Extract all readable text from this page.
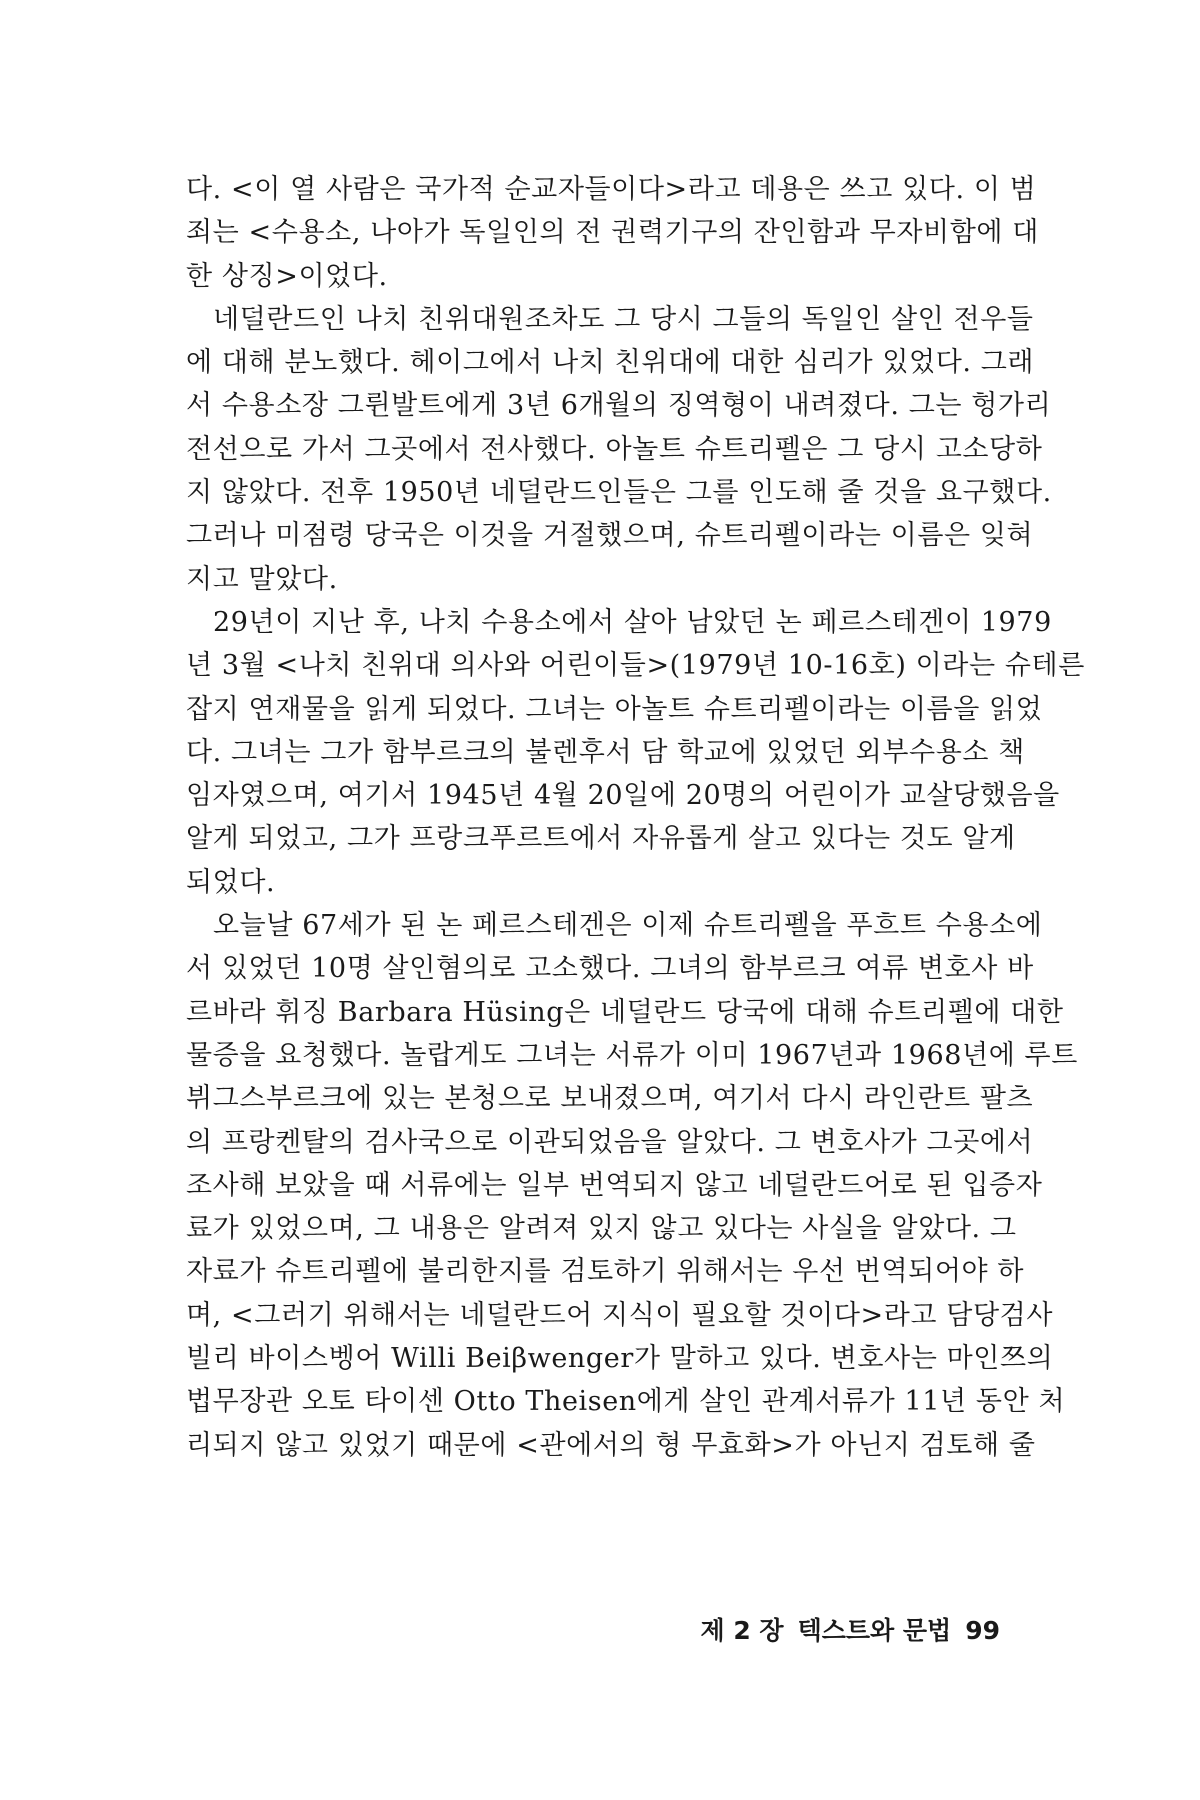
다. <이 열 사람은 국가적 순교자들이다>라고 데용은 쓰고 있다. 이 범
죄는 <수용소, 나아가 독일인의 전 권력기구의 잔인함과 무자비함에 대
한 상징>이었다.
네덜란드인 나치 친위대원조차도 그 당시 그들의 독일인 살인 전우들
에 대해 분노했다. 헤이그에서 나치 친위대에 대한 심리가 있었다. 그래
서 수용소장 그륀발트에게 3년 6개월의 징역형이 내려졌다. 그는 헝가리
전선으로 가서 그곳에서 전사했다. 아놀트 슈트리펠은 그 당시 고소당하
지 않았다. 전후 1950년 네덜란드인들은 그를 인도해 줄 것을 요구했다.
그러나 미점령 당국은 이것을 거절했으며, 슈트리펠이라는 이름은 잊혀
지고 말았다.
29년이 지난 후, 나치 수용소에서 살아 남았던 논 페르스테겐이 1979
년 3월 <나치 친위대 의사와 어린이들>(1979년 10-16호) 이라는 슈테른
잡지 연재물을 읽게 되었다. 그녀는 아놀트 슈트리펠이라는 이름을 읽었
다. 그녀는 그가 함부르크의 불렌후서 담 학교에 있었던 외부수용소 책
임자였으며, 여기서 1945년 4월 20일에 20명의 어린이가 교살당했음을
알게 되었고, 그가 프랑크푸르트에서 자유롭게 살고 있다는 것도 알게
되었다.
오늘날 67세가 된 논 페르스테겐은 이제 슈트리펠을 푸흐트 수용소에
서 있었던 10명 살인혐의로 고소했다. 그녀의 함부르크 여류 변호사 바
르바라 휘징 Barbara Hüsing은 네덜란드 당국에 대해 슈트리펠에 대한
물증을 요청했다. 놀랍게도 그녀는 서류가 이미 1967년과 1968년에 루트
뷔그스부르크에 있는 본청으로 보내졌으며, 여기서 다시 라인란트 팔츠
의 프랑켄탈의 검사국으로 이관되었음을 알았다. 그 변호사가 그곳에서
조사해 보았을 때 서류에는 일부 번역되지 않고 네덜란드어로 된 입증자
료가 있었으며, 그 내용은 알려져 있지 않고 있다는 사실을 알았다. 그
자료가 슈트리펠에 불리한지를 검토하기 위해서는 우선 번역되어야 하
며, <그러기 위해서는 네덜란드어 지식이 필요할 것이다>라고 담당검사
빌리 바이스벵어 Willi Beiβwenger가 말하고 있다. 변호사는 마인쯔의
법무장관 오토 타이센 Otto Theisen에게 살인 관계서류가 11년 동안 처
리되지 않고 있었기 때문에 <관에서의 형 무효화>가 아닌지 검토해 줄
제 2 장 텍스트와 문법 99
